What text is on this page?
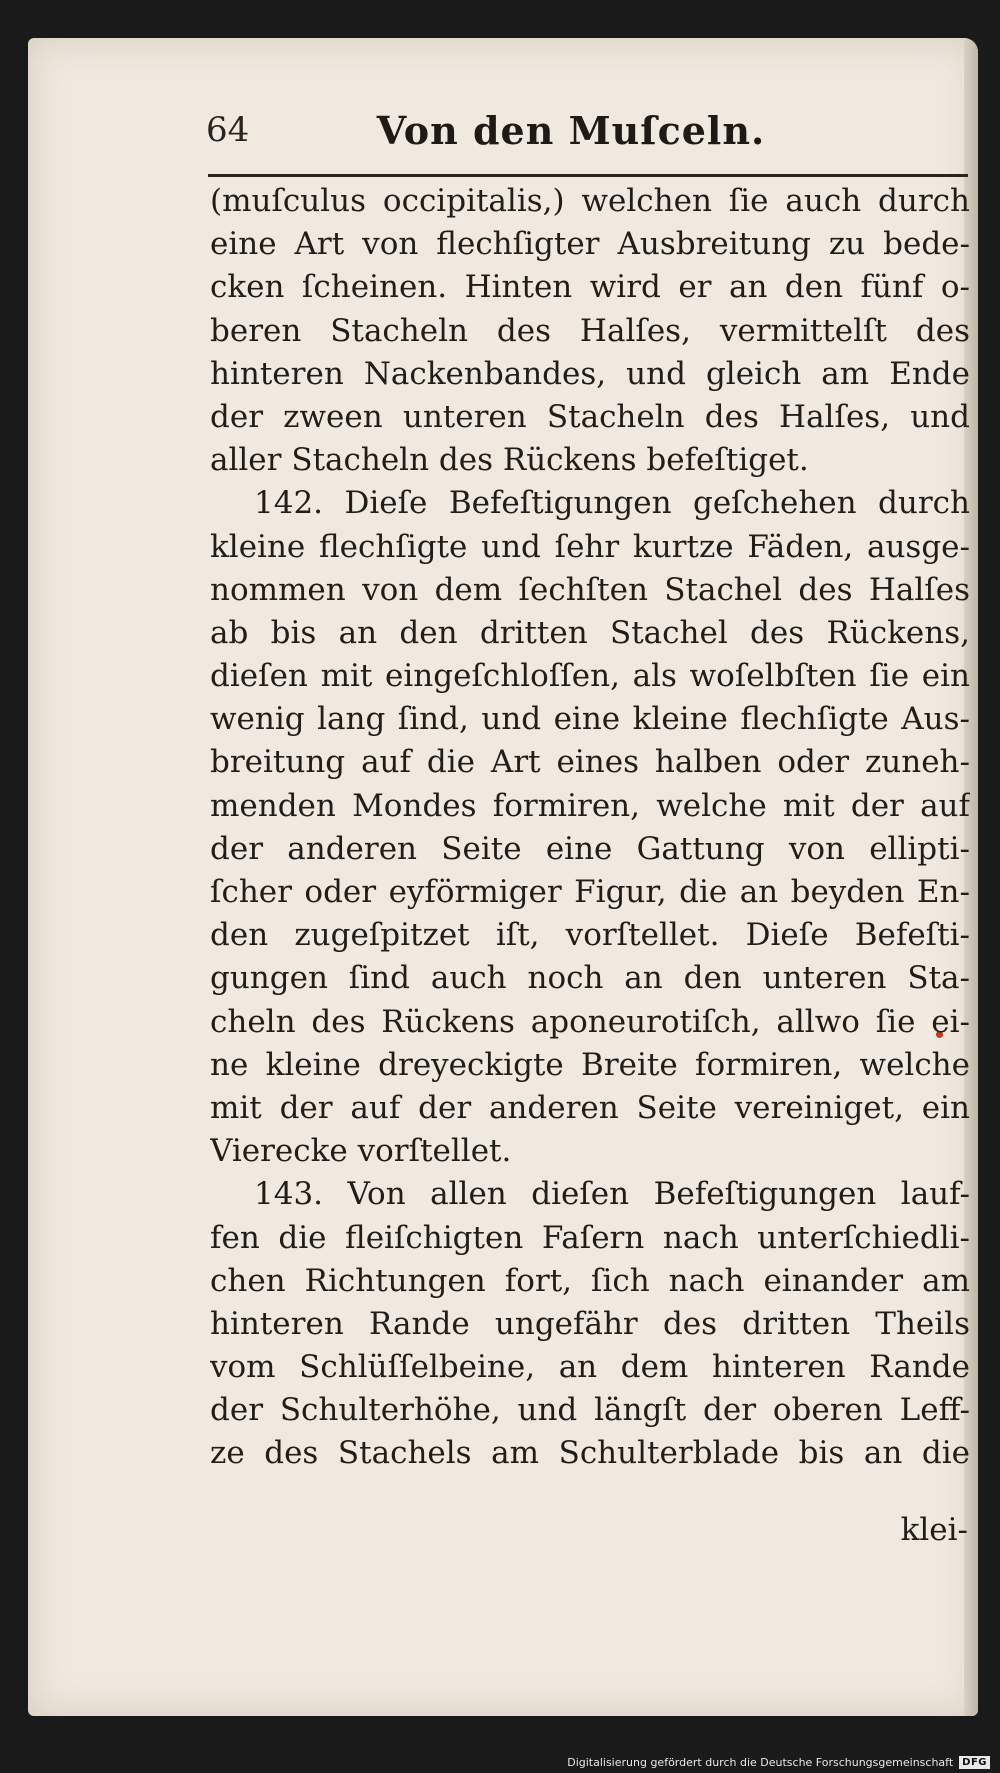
64	Von den Muſceln.
(muſculus occipitalis,) welchen ſie auch durch
eine Art von flechſigter Ausbreitung zu bede-
cken ſcheinen. Hinten wird er an den fünf o-
beren Stacheln des Halſes, vermittelſt des
hinteren Nackenbandes, und gleich am Ende
der zween unteren Stacheln des Halſes, und
aller Stacheln des Rückens befeſtiget.
142. Dieſe Befeſtigungen geſchehen durch
kleine flechſigte und ſehr kurtze Fäden, ausge-
nommen von dem ſechſten Stachel des Halſes
ab bis an den dritten Stachel des Rückens,
dieſen mit eingeſchloſſen, als woſelbſten ſie ein
wenig lang ſind, und eine kleine flechſigte Aus-
breitung auf die Art eines halben oder zuneh-
menden Mondes formiren, welche mit der auf
der anderen Seite eine Gattung von ellipti-
ſcher oder eyförmiger Figur, die an beyden En-
den zugeſpitzet iſt, vorſtellet. Dieſe Befeſti-
gungen ſind auch noch an den unteren Sta-
cheln des Rückens aponeurotiſch, allwo ſie ei-
ne kleine dreyeckigte Breite formiren, welche
mit der auf der anderen Seite vereiniget, ein
Vierecke vorſtellet.
143. Von allen dieſen Befeſtigungen lauf-
fen die fleiſchigten Faſern nach unterſchiedli-
chen Richtungen fort, ſich nach einander am
hinteren Rande ungefähr des dritten Theils
vom Schlüſſelbeine, an dem hinteren Rande
der Schulterhöhe, und längſt der oberen Leff-
ze des Stachels am Schulterblade bis an die
klei-
Digitalisierung gefördert durch die Deutsche Forschungsgemeinschaft DFG
